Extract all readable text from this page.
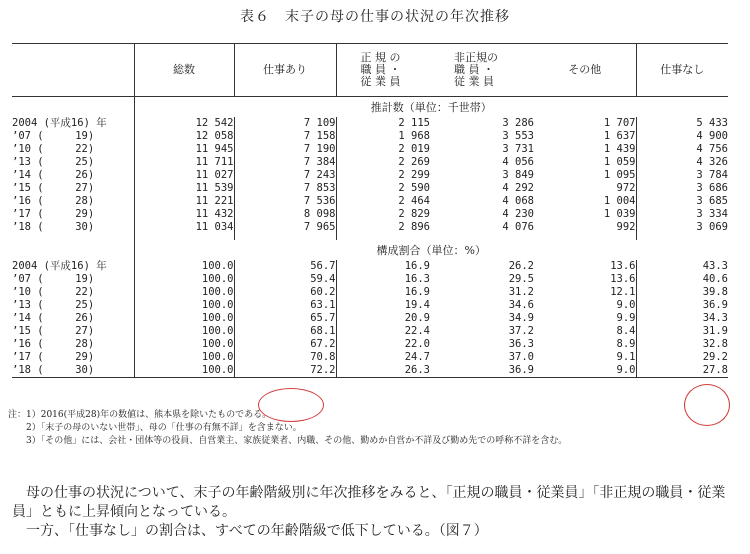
表６　末子の母の仕事の状況の年次推移
	総数	仕事あり	正 規 の
職 員 ・
従 業 員	非正規の
職 員 ・
従 業 員	その他	仕事なし
	推計数（単位：千世帯）					
2004 (平成16) 年	12 542	7 109	2 115	3 286	1 707	5 433
’07 (     19)	12 058	7 158	1 968	3 553	1 637	4 900
’10 (     22)	11 945	7 190	2 019	3 731	1 439	4 756
’13 (     25)	11 711	7 384	2 269	4 056	1 059	4 326
’14 (     26)	11 027	7 243	2 299	3 849	1 095	3 784
’15 (     27)	11 539	7 853	2 590	4 292	972	3 686
’16 (     28)	11 221	7 536	2 464	4 068	1 004	3 685
’17 (     29)	11 432	8 098	2 829	4 230	1 039	3 334
’18 (     30)	11 034	7 965	2 896	4 076	992	3 069

	構成割合（単位：%）					
2004 (平成16) 年	100.0	56.7	16.9	26.2	13.6	43.3
’07 (     19)	100.0	59.4	16.3	29.5	13.6	40.6
’10 (     22)	100.0	60.2	16.9	31.2	12.1	39.8
’13 (     25)	100.0	63.1	19.4	34.6	9.0	36.9
’14 (     26)	100.0	65.7	20.9	34.9	9.9	34.3
’15 (     27)	100.0	68.1	22.4	37.2	8.4	31.9
’16 (     28)	100.0	67.2	22.0	36.3	8.9	32.8
’17 (     29)	100.0	70.8	24.7	37.0	9.1	29.2
’18 (     30)	100.0	72.2	26.3	36.9	9.0	27.8
注：1）2016(平成28)年の数値は、熊本県を除いたものである。
　　2）「末子の母のいない世帯」、母の「仕事の有無不詳」を含まない。
　　3）「その他」には、会社・団体等の役員、自営業主、家族従業者、内職、その他、勤めか自営か不詳及び勤め先での呼称不詳を含む。

　母の仕事の状況について、末子の年齢階級別に年次推移をみると、「正規の職員・従業員」「非正規の職員・従業員」ともに上昇傾向となっている。

　一方、「仕事なし」の割合は、すべての年齢階級で低下している。（図７）
